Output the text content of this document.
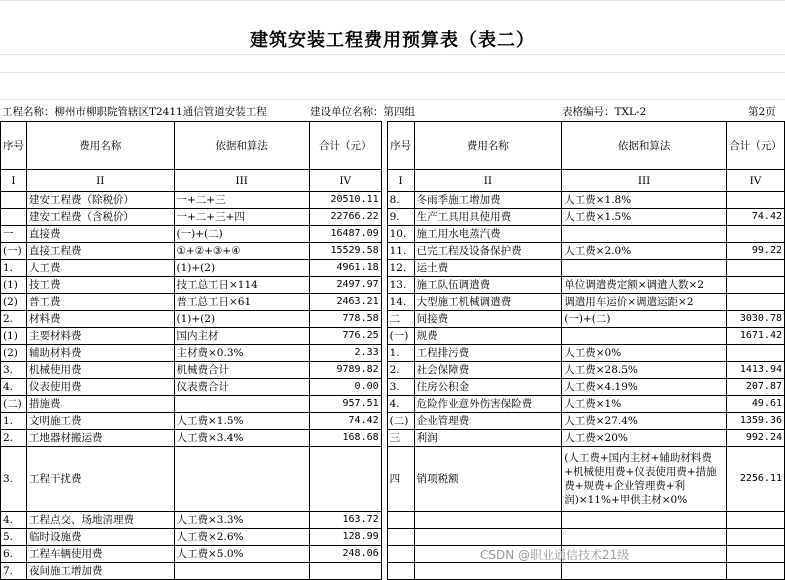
建筑安装工程费用预算表（表二）
工程名称：柳州市柳职院管辖区T2411通信管道安装工程	建设单位名称：第四组	表格编号：TXL-2	第2页
序号	费用名称	依据和算法	合计（元）		序号	费用名称	依据和算法	合计（元）
I	II	III	IV		I	II	III	IV
	建安工程费（除税价）	一+二+三	20510.11		8.	冬雨季施工增加费	人工费×1.8%	
	建安工程费（含税价）	一+二+三+四	22766.22		9.	生产工具用具使用费	人工费×1.5%	74.42
一	直接费	(一)+(二)	16487.09		10.	施工用水电蒸汽费		
(一)	直接工程费	①+②+③+④	15529.58		11.	已完工程及设备保护费	人工费×2.0%	99.22
1.	人工费	(1)+(2)	4961.18		12.	运土费		
(1)	技工费	技工总工日×114	2497.97		13.	施工队伍调遣费	单位调遣费定额×调遣人数×2	
(2)	普工费	普工总工日×61	2463.21		14.	大型施工机械调遣费	调遣用车运价×调遣运距×2	
2.	材料费	(1)+(2)	778.58		二	间接费	(一)+(二)	3030.78
(1)	主要材料费	国内主材	776.25		(一)	规费		1671.42
(2)	辅助材料费	主材费×0.3%	2.33		1.	工程排污费	人工费×0%	
3.	机械使用费	机械费合计	9789.82		2.	社会保障费	人工费×28.5%	1413.94
4.	仪表使用费	仪表费合计	0.00		3.	住房公积金	人工费×4.19%	207.87
(二)	措施费		957.51		4.	危险作业意外伤害保险费	人工费×1%	49.61
1.	文明施工费	人工费×1.5%	74.42		(二)	企业管理费	人工费×27.4%	1359.36
2.	工地器材搬运费	人工费×3.4%	168.68		三	利润	人工费×20%	992.24
3.	工程干扰费				四	销项税额	(人工费+国内主材+辅助材料费+机械使用费+仪表使用费+措施费+规费+企业管理费+利润)×11%+甲供主材×0%	2256.11
4.	工程点交、场地清理费	人工费×3.3%	163.72					
5.	临时设施费	人工费×2.6%	128.99					
6.	工程车辆使用费	人工费×5.0%	248.06					
7.	夜间施工增加费							
CSDN @职业通信技术21级
